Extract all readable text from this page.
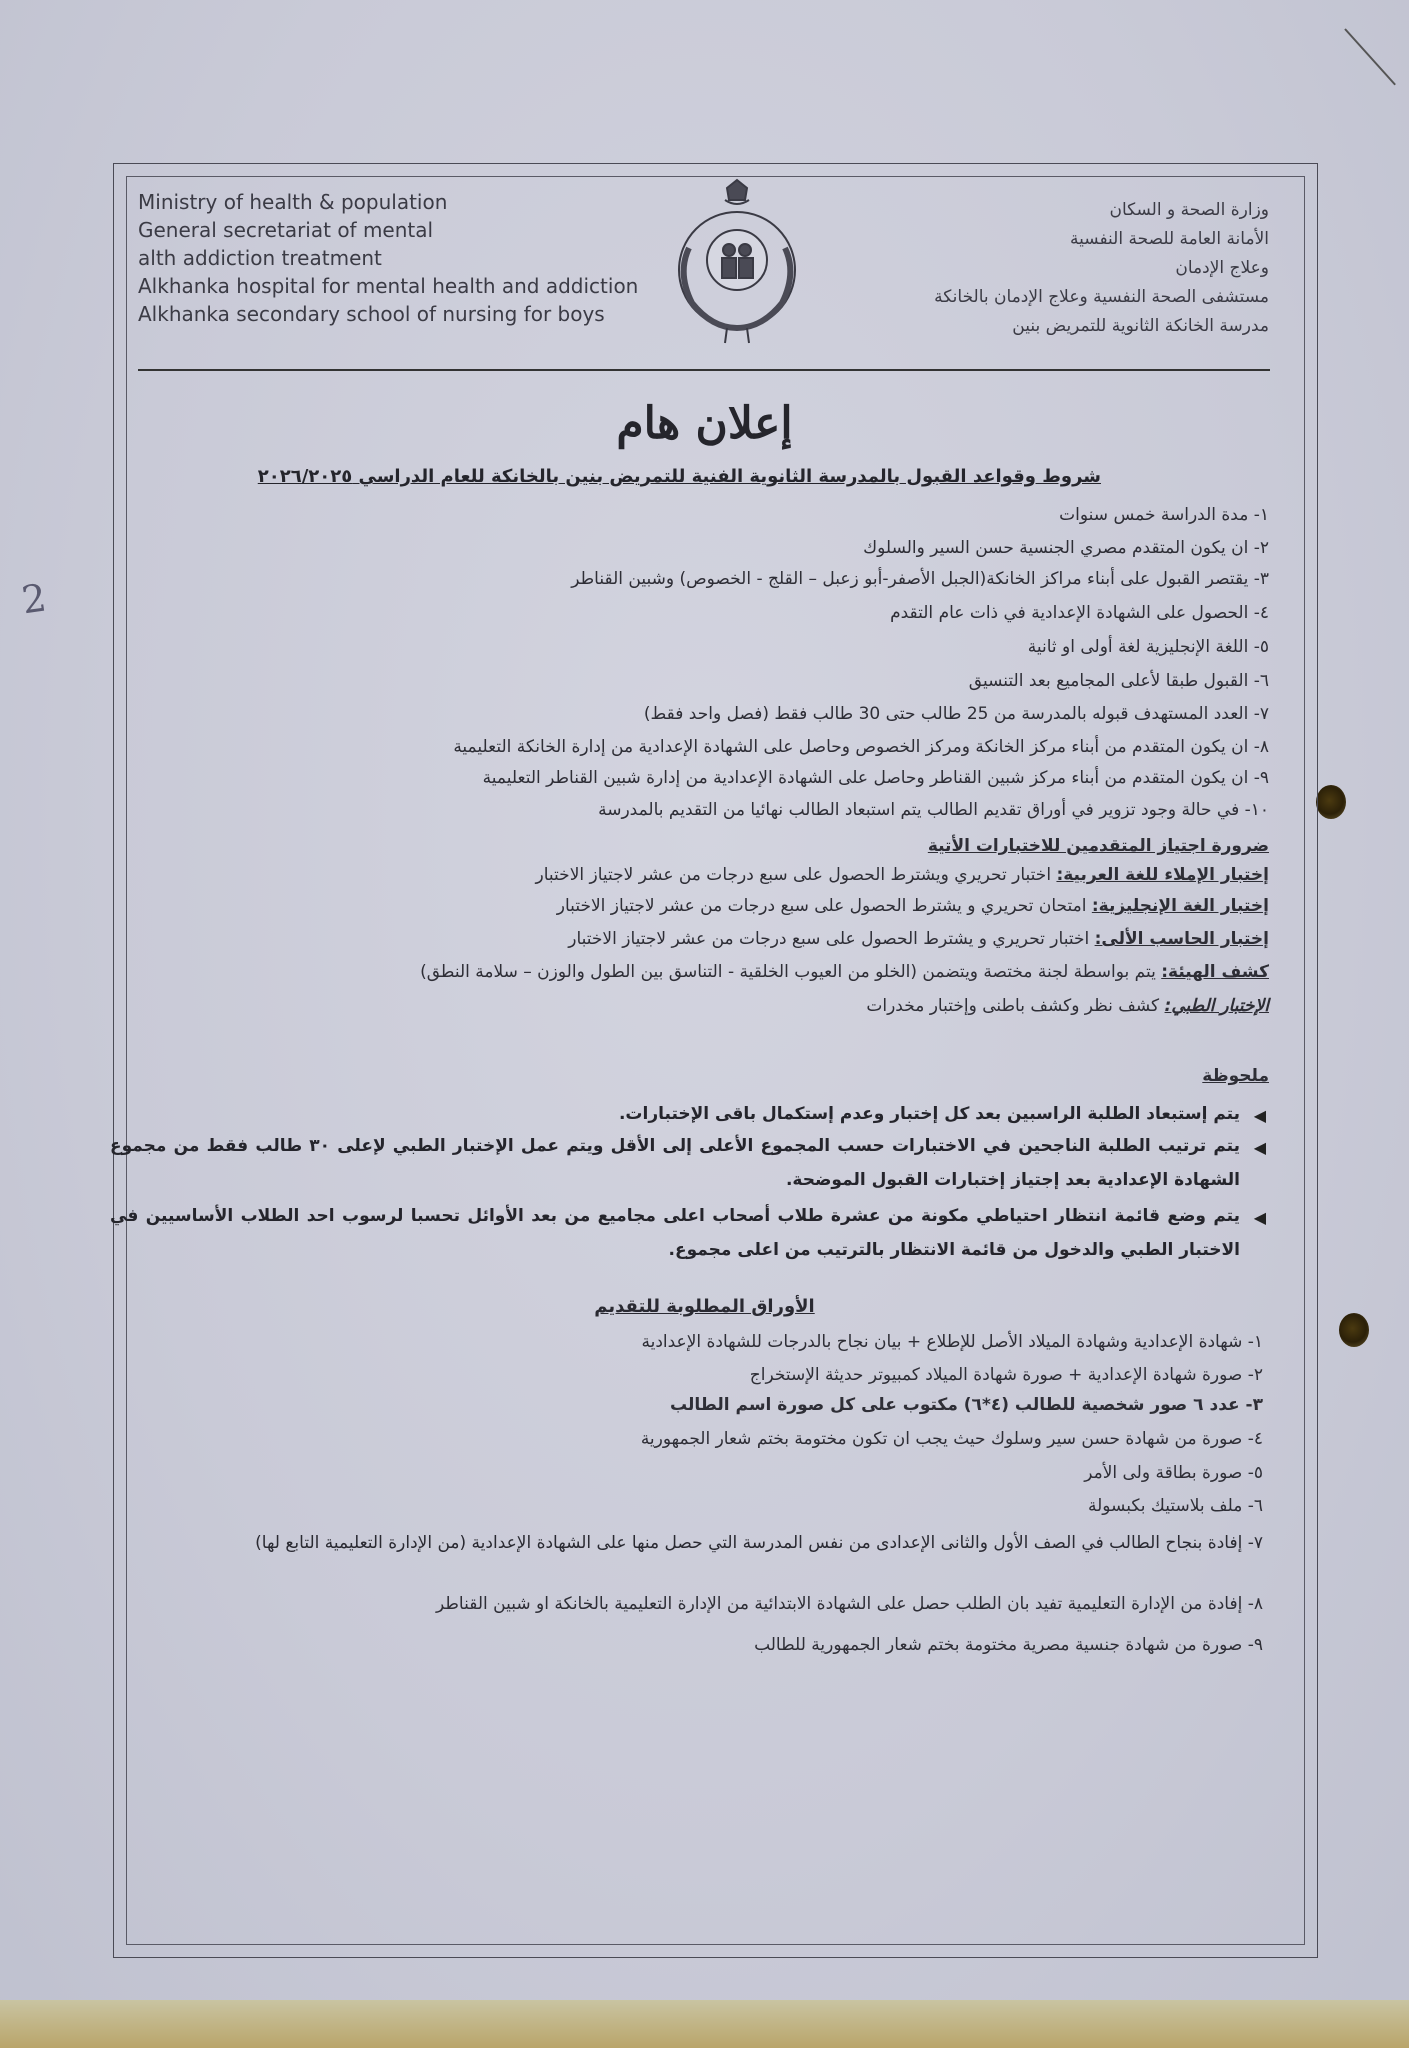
2
Ministry of health & population
General secretariat of mental
alth addiction treatment
Alkhanka hospital for mental health and addiction
Alkhanka secondary school of nursing for boys
وزارة الصحة و السكان
الأمانة العامة للصحة النفسية
وعلاج الإدمان
مستشفى الصحة النفسية وعلاج الإدمان بالخانكة
مدرسة الخانكة الثانوية للتمريض بنين
إعلان هام
شروط وقواعد القبول بالمدرسة الثانوية الفنية للتمريض بنين بالخانكة للعام الدراسي ٢٠٢٦/٢٠٢٥
١- مدة الدراسة خمس سنوات
٢- ان يكون المتقدم مصري الجنسية حسن السير والسلوك
٣- يقتصر القبول على أبناء مراكز الخانكة(الجبل الأصفر-أبو زعبل – القلج - الخصوص) وشبين القناطر
٤- الحصول على الشهادة الإعدادية في ذات عام التقدم
٥- اللغة الإنجليزية لغة أولى او ثانية
٦- القبول طبقا لأعلى المجاميع بعد التنسيق
٧- العدد المستهدف قبوله بالمدرسة من 25 طالب حتى 30 طالب فقط (فصل واحد فقط)
٨- ان يكون المتقدم من أبناء مركز الخانكة ومركز الخصوص وحاصل على الشهادة الإعدادية من إدارة الخانكة التعليمية
٩- ان يكون المتقدم من أبناء مركز شبين القناطر وحاصل على الشهادة الإعدادية من إدارة شبين القناطر التعليمية
١٠- في حالة وجود تزوير في أوراق تقديم الطالب يتم استبعاد الطالب نهائيا من التقديم بالمدرسة
ضرورة اجتياز المتقدمين للاختبارات الأتية
إختبار الإملاء للغة العربية: اختبار تحريري ويشترط الحصول على سبع درجات من عشر لاجتياز الاختبار
إختبار الغة الإنجليزية: امتحان تحريري و يشترط الحصول على سبع درجات من عشر لاجتياز الاختبار
إختبار الحاسب الألى: اختبار تحريري و يشترط الحصول على سبع درجات من عشر لاجتياز الاختبار
كشف الهيئة: يتم بواسطة لجنة مختصة ويتضمن (الخلو من العيوب الخلقية - التناسق بين الطول والوزن – سلامة النطق)
الإختبار الطبي: كشف نظر وكشف باطنى وإختبار مخدرات
ملحوظة
◀
يتم إستبعاد الطلبة الراسبين بعد كل إختبار وعدم إستكمال باقى الإختبارات.
◀
يتم ترتيب الطلبة الناجحين في الاختبارات حسب المجموع الأعلى إلى الأقل ويتم عمل الإختبار الطبي لإعلى ٣٠ طالب فقط من مجموع الشهادة الإعدادية بعد إجتياز إختبارات القبول الموضحة.
◀
يتم وضع قائمة انتظار احتياطي مكونة من عشرة طلاب أصحاب اعلى مجاميع من بعد الأوائل تحسبا لرسوب احد الطلاب الأساسيين في الاختبار الطبي والدخول من قائمة الانتظار بالترتيب من اعلى مجموع.
الأوراق المطلوبة للتقديم
١- شهادة الإعدادية وشهادة الميلاد الأصل للإطلاع + بيان نجاح بالدرجات للشهادة الإعدادية
٢- صورة شهادة الإعدادية + صورة شهادة الميلاد كمبيوتر حديثة الإستخراج
٣- عدد ٦ صور شخصية للطالب (٤*٦) مكتوب على كل صورة اسم الطالب
٤- صورة من شهادة حسن سير وسلوك حيث يجب ان تكون مختومة بختم شعار الجمهورية
٥- صورة بطاقة ولى الأمر
٦- ملف بلاستيك بكبسولة
٧- إفادة بنجاح الطالب في الصف الأول والثانى الإعدادى من نفس المدرسة التي حصل منها على الشهادة الإعدادية (من الإدارة التعليمية التابع لها)
٨- إفادة من الإدارة التعليمية تفيد بان الطلب حصل على الشهادة الابتدائية من الإدارة التعليمية بالخانكة او شبين القناطر
٩- صورة من شهادة جنسية مصرية مختومة بختم شعار الجمهورية للطالب
